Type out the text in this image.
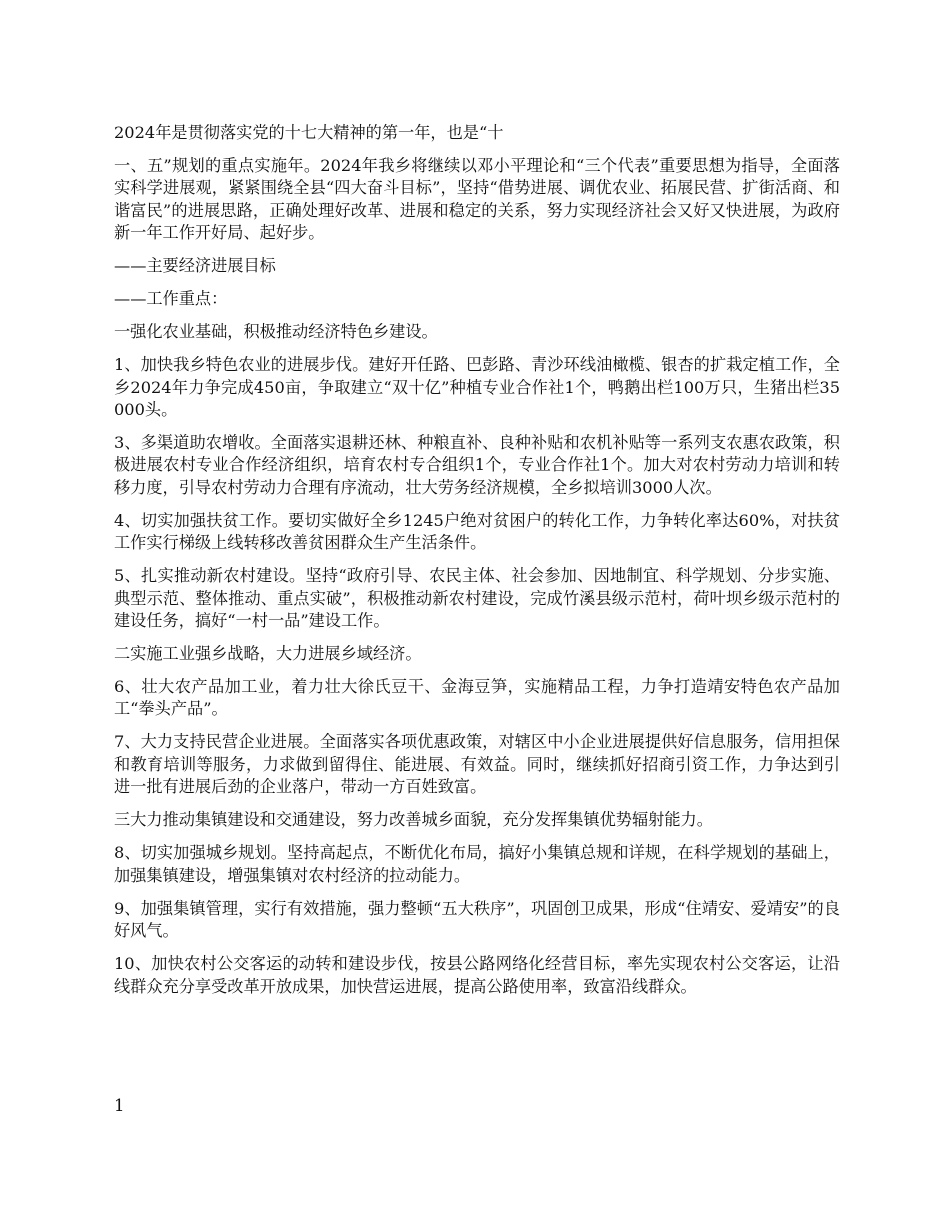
2024年是贯彻落实党的十七大精神的第一年，也是“十

一、五”规划的重点实施年。2024年我乡将继续以邓小平理论和“三个代表”重要思想为指导，全面落实科学进展观，紧紧围绕全县“四大奋斗目标”，坚持“借势进展、调优农业、拓展民营、扩街活商、和谐富民”的进展思路，正确处理好改革、进展和稳定的关系，努力实现经济社会又好又快进展，为政府新一年工作开好局、起好步。

——主要经济进展目标

——工作重点：

一强化农业基础，积极推动经济特色乡建设。

1、加快我乡特色农业的进展步伐。建好开任路、巴彭路、青沙环线油橄榄、银杏的扩栽定植工作，全乡2024年力争完成450亩，争取建立“双十亿”种植专业合作社1个，鸭鹅出栏100万只，生猪出栏35000头。

3、多渠道助农增收。全面落实退耕还林、种粮直补、良种补贴和农机补贴等一系列支农惠农政策，积极进展农村专业合作经济组织，培育农村专合组织1个，专业合作社1个。加大对农村劳动力培训和转移力度，引导农村劳动力合理有序流动，壮大劳务经济规模，全乡拟培训3000人次。

4、切实加强扶贫工作。要切实做好全乡1245户绝对贫困户的转化工作，力争转化率达60%，对扶贫工作实行梯级上线转移改善贫困群众生产生活条件。

5、扎实推动新农村建设。坚持“政府引导、农民主体、社会参加、因地制宜、科学规划、分步实施、典型示范、整体推动、重点实破”，积极推动新农村建设，完成竹溪县级示范村，荷叶坝乡级示范村的建设任务，搞好“一村一品”建设工作。

二实施工业强乡战略，大力进展乡域经济。

6、壮大农产品加工业，着力壮大徐氏豆干、金海豆笋，实施精品工程，力争打造靖安特色农产品加工“拳头产品”。

7、大力支持民营企业进展。全面落实各项优惠政策，对辖区中小企业进展提供好信息服务，信用担保和教育培训等服务，力求做到留得住、能进展、有效益。同时，继续抓好招商引资工作，力争达到引进一批有进展后劲的企业落户，带动一方百姓致富。

三大力推动集镇建设和交通建设，努力改善城乡面貌，充分发挥集镇优势辐射能力。

8、切实加强城乡规划。坚持高起点，不断优化布局，搞好小集镇总规和详规，在科学规划的基础上，加强集镇建设，增强集镇对农村经济的拉动能力。

9、加强集镇管理，实行有效措施，强力整顿“五大秩序”，巩固创卫成果，形成“住靖安、爱靖安”的良好风气。

10、加快农村公交客运的动转和建设步伐，按县公路网络化经营目标，率先实现农村公交客运，让沿线群众充分享受改革开放成果，加快营运进展，提高公路使用率，致富沿线群众。

1
